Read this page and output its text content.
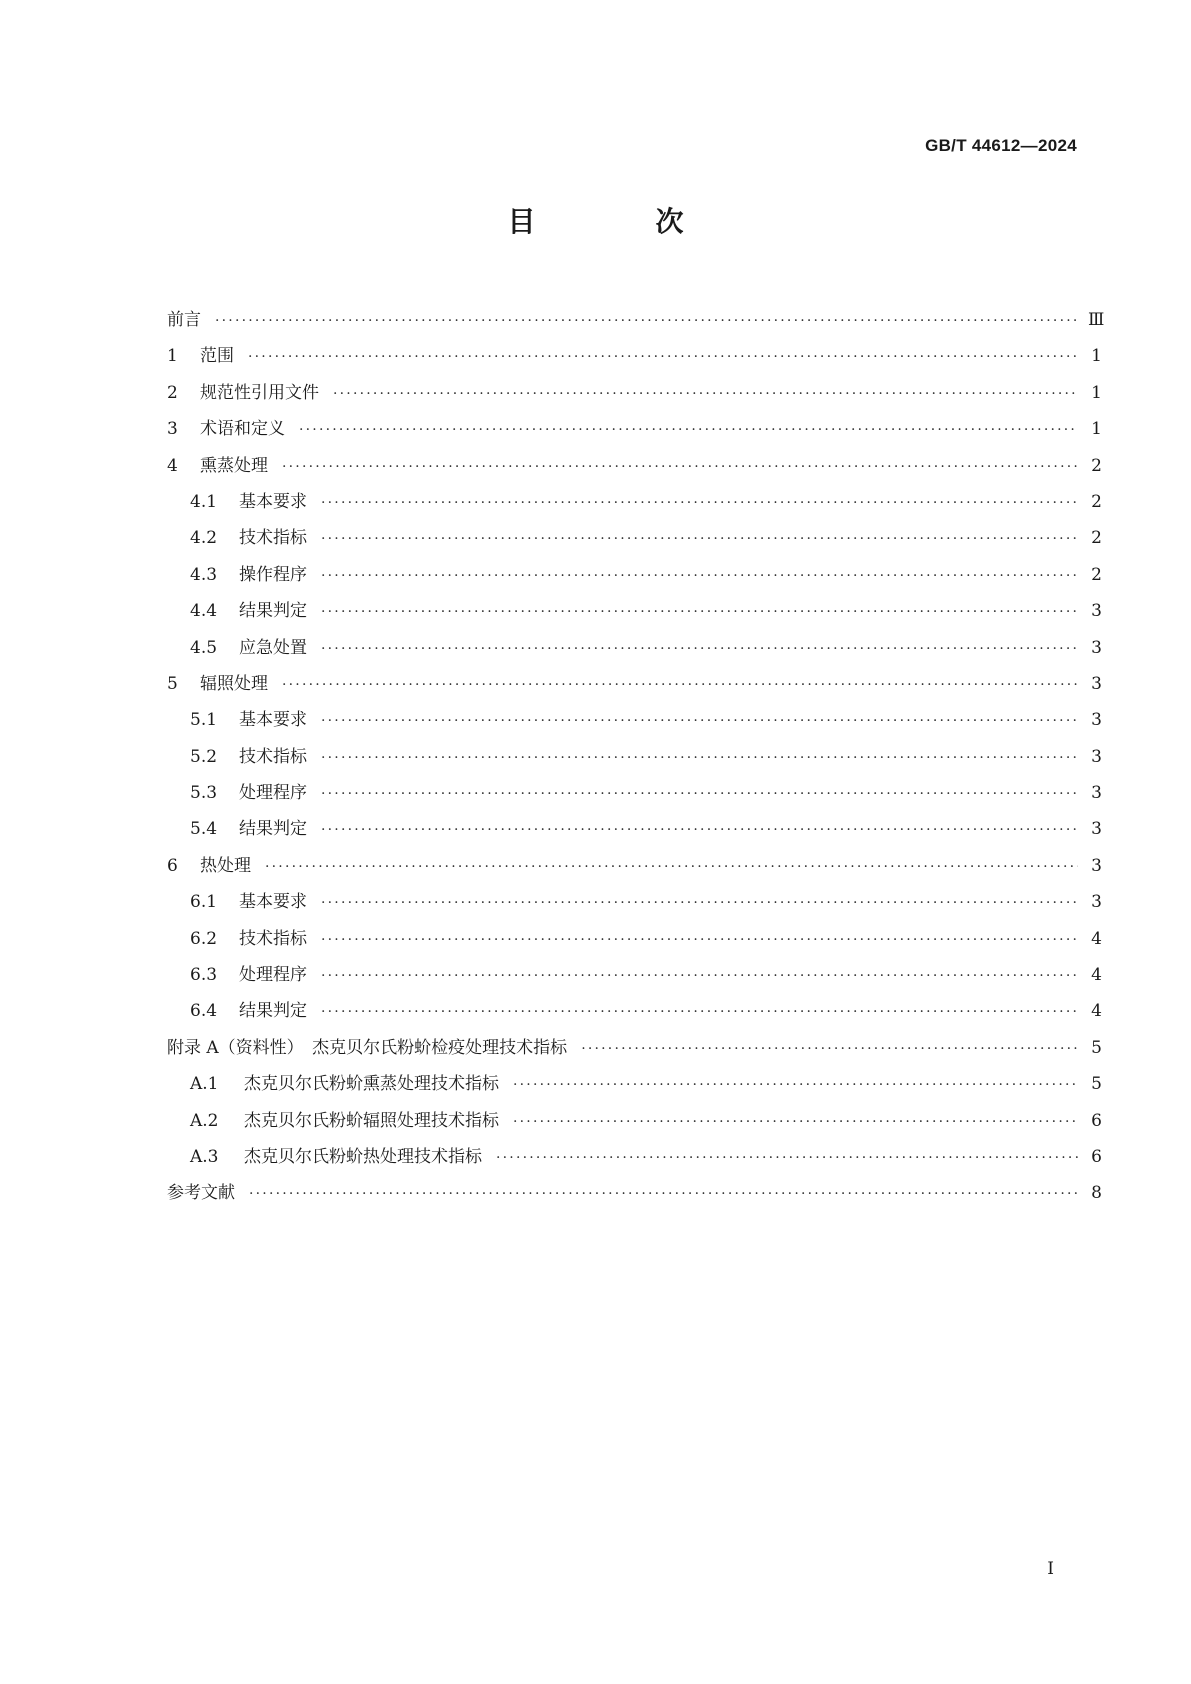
GB/T 44612—2024
目　次
前言 ·····	Ⅲ
1	范围 ·····	1
2	规范性引用文件 ·····	1
3	术语和定义 ·····	1
4	熏蒸处理 ·····	2
4.1	基本要求 ·····	2
4.2	技术指标 ·····	2
4.3	操作程序 ·····	2
4.4	结果判定 ·····	3
4.5	应急处置 ·····	3
5	辐照处理 ·····	3
5.1	基本要求 ·····	3
5.2	技术指标 ·····	3
5.3	处理程序 ·····	3
5.4	结果判定 ·····	3
6	热处理 ·····	3
6.1	基本要求 ·····	3
6.2	技术指标 ·····	4
6.3	处理程序 ·····	4
6.4	结果判定 ·····	4
附录 A（资料性）　杰克贝尔氏粉蚧检疫处理技术指标 ·····	5
A.1	杰克贝尔氏粉蚧熏蒸处理技术指标 ·····	5
A.2	杰克贝尔氏粉蚧辐照处理技术指标 ·····	6
A.3	杰克贝尔氏粉蚧热处理技术指标 ·····	6
参考文献 ·····	8
Ⅰ
